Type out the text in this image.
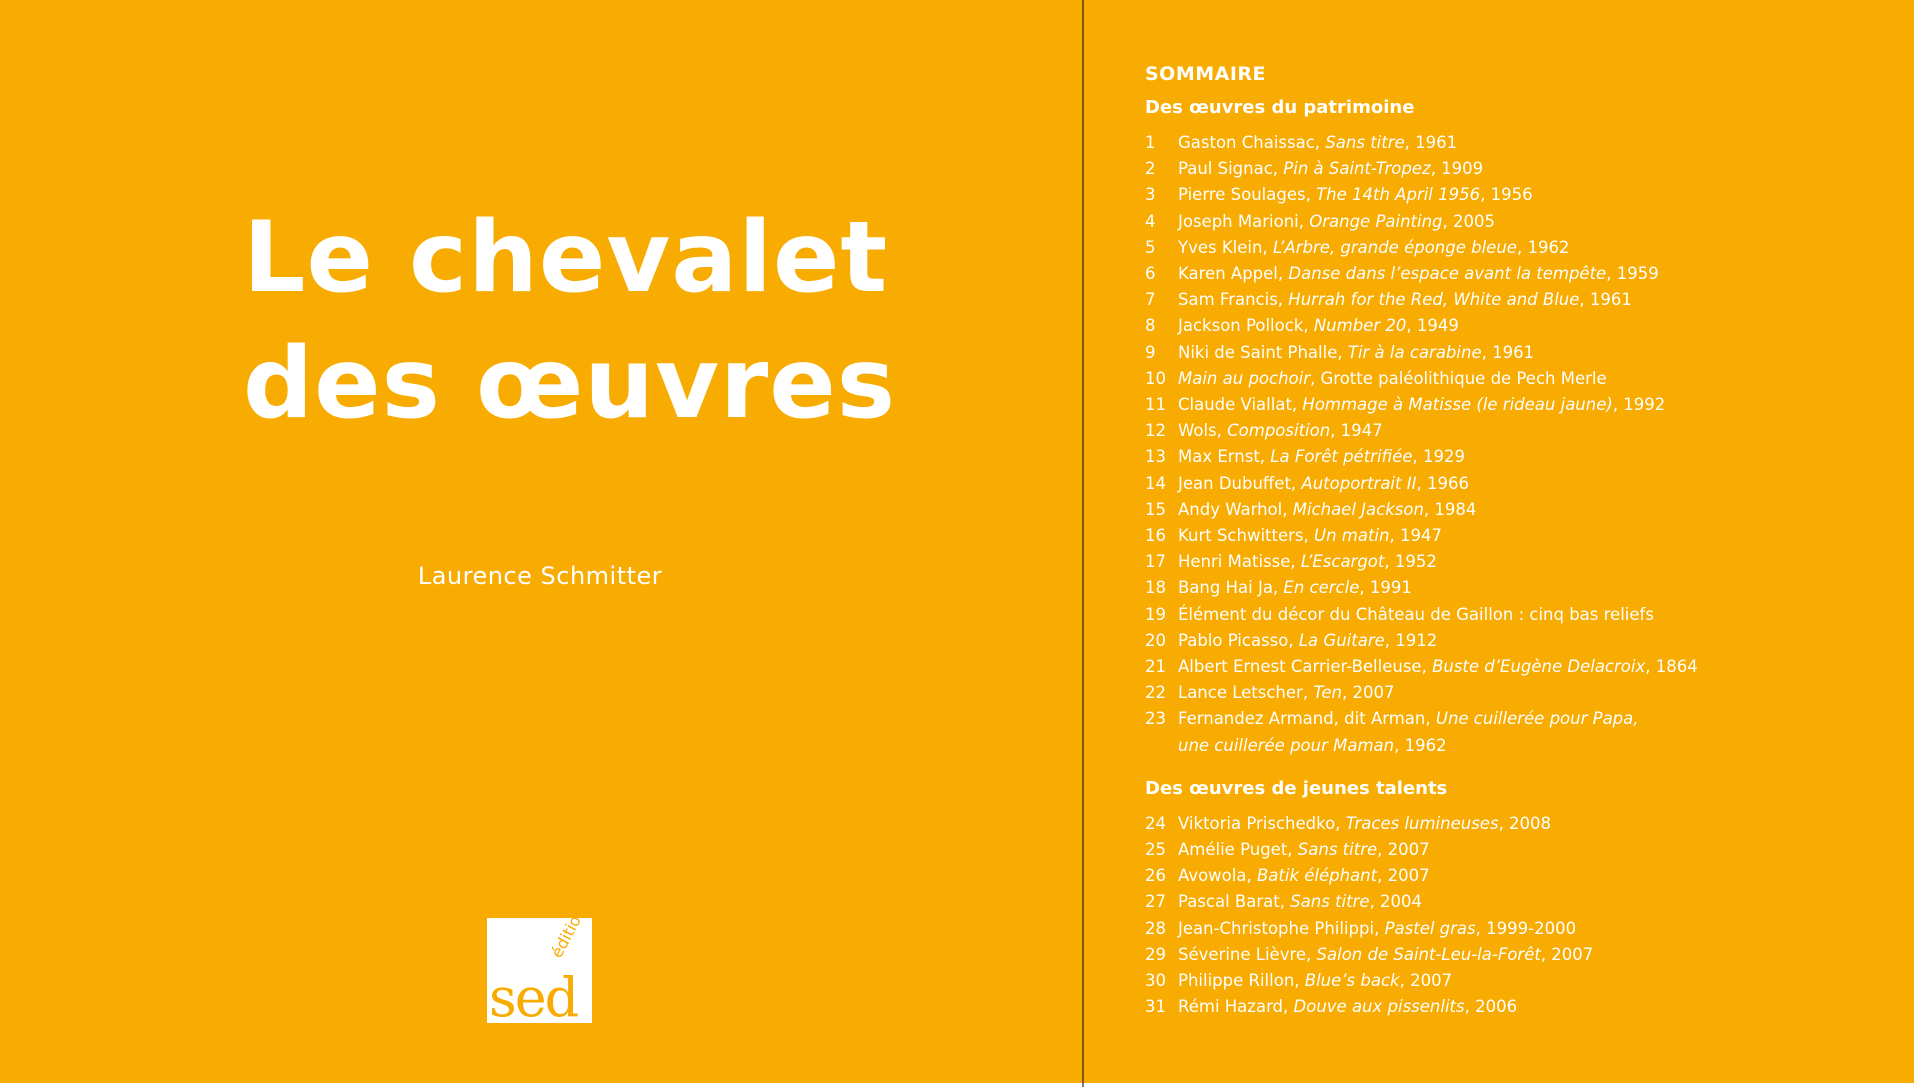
Le chevalet
des œuvres
Laurence Schmitter
éditions
sed
SOMMAIRE
Des œuvres du patrimoine
1	Gaston Chaissac, Sans titre, 1961
2	Paul Signac, Pin à Saint-Tropez, 1909
3	Pierre Soulages, The 14th April 1956, 1956
4	Joseph Marioni, Orange Painting, 2005
5	Yves Klein, L’Arbre, grande éponge bleue, 1962
6	Karen Appel, Danse dans l’espace avant la tempête, 1959
7	Sam Francis, Hurrah for the Red, White and Blue, 1961
8	Jackson Pollock, Number 20, 1949
9	Niki de Saint Phalle, Tir à la carabine, 1961
10 Main au pochoir, Grotte paléolithique de Pech Merle
11 Claude Viallat, Hommage à Matisse (le rideau jaune), 1992
12 Wols, Composition, 1947
13 Max Ernst, La Forêt pétrifiée, 1929
14 Jean Dubuffet, Autoportrait II, 1966
15 Andy Warhol, Michael Jackson, 1984
16 Kurt Schwitters, Un matin, 1947
17 Henri Matisse, L’Escargot, 1952
18 Bang Hai Ja, En cercle, 1991
19 Élément du décor du Château de Gaillon : cinq bas reliefs
20 Pablo Picasso, La Guitare, 1912
21 Albert Ernest Carrier-Belleuse, Buste d’Eugène Delacroix, 1864
22 Lance Letscher, Ten, 2007
23 Fernandez Armand, dit Arman, Une cuillerée pour Papa,
une cuillerée pour Maman, 1962
Des œuvres de jeunes talents
24 Viktoria Prischedko, Traces lumineuses, 2008
25 Amélie Puget, Sans titre, 2007
26 Avowola, Batik éléphant, 2007
27 Pascal Barat, Sans titre, 2004
28 Jean-Christophe Philippi, Pastel gras, 1999-2000
29 Séverine Lièvre, Salon de Saint-Leu-la-Forêt, 2007
30 Philippe Rillon, Blue’s back, 2007
31 Rémi Hazard, Douve aux pissenlits, 2006
